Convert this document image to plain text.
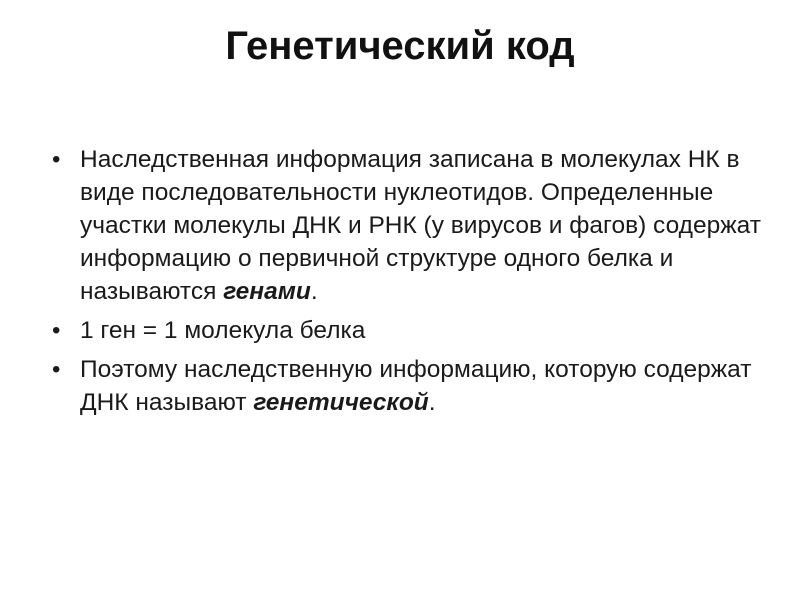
Генетический код
• Наследственная информация записана в молекулах НК в виде последовательности нуклеотидов. Определенные участки молекулы ДНК и РНК (у вирусов и фагов) содержат информацию о первичной структуре одного белка и называются генами.
• 1 ген = 1 молекула белка
• Поэтому наследственную информацию, которую содержат ДНК называют генетической.
